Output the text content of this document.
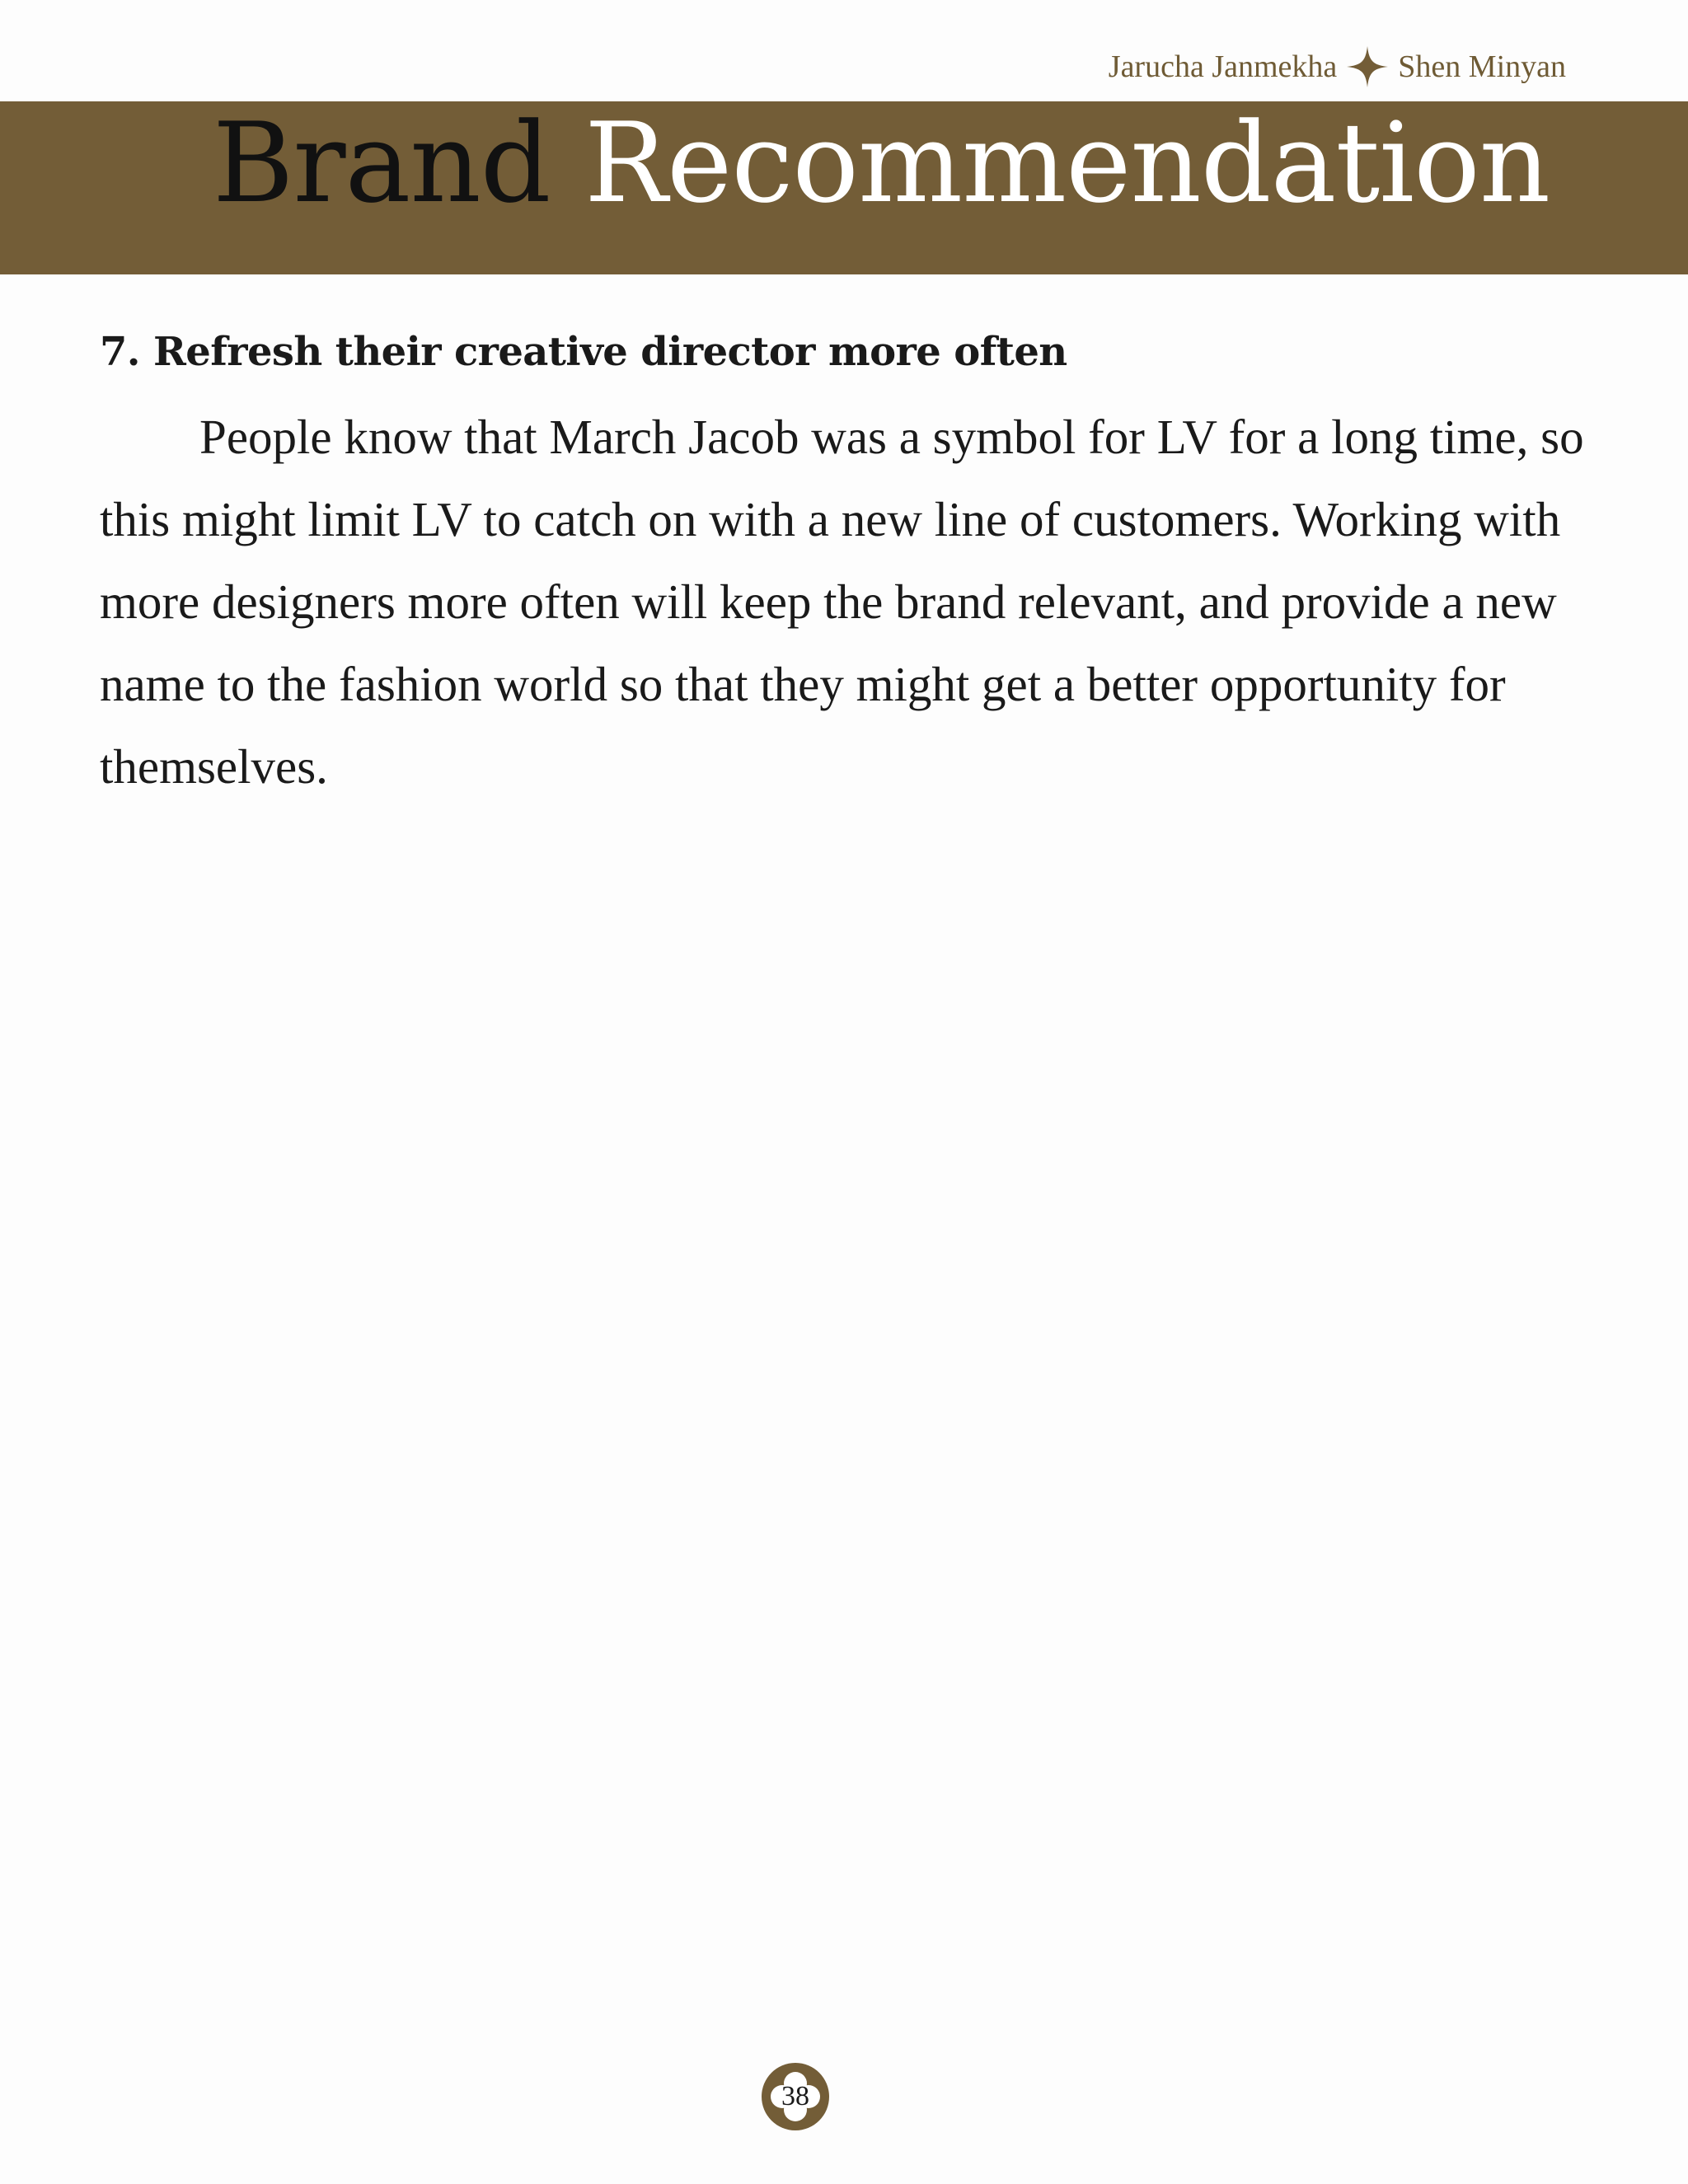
Jarucha Janmekha Shen Minyan
Brand Recommendation
7. Refresh their creative director more often

People know that March Jacob was a symbol for LV for a long time, so
this might limit LV to catch on with a new line of customers. Working with
more designers more often will keep the brand relevant, and provide a new
name to the fashion world so that they might get a better opportunity for
themselves.

38
